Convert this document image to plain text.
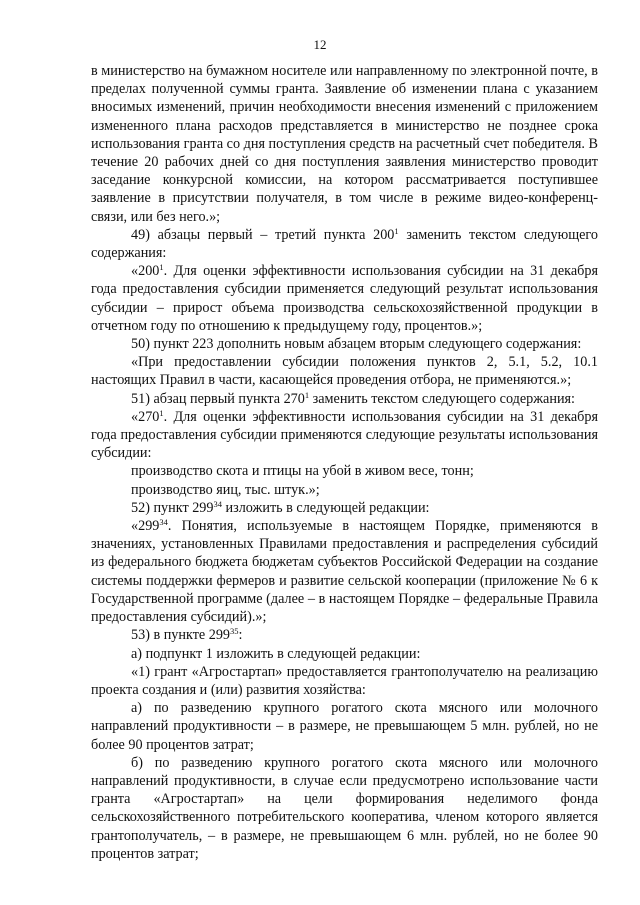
12

в министерство на бумажном носителе или направленному по электронной почте, в пределах полученной суммы гранта. Заявление об изменении плана с указанием вносимых изменений, причин необходимости внесения изменений с приложением измененного плана расходов представляется в министерство не позднее срока использования гранта со дня поступления средств на расчетный счет победителя. В течение 20 рабочих дней со дня поступления заявления министерство проводит заседание конкурсной комиссии, на котором рассматривается поступившее заявление в присутствии получателя, в том числе в режиме видео-конференц-связи, или без него.»;

49) абзацы первый – третий пункта $200^1$ заменить текстом следующего содержания:

«$200^1$. Для оценки эффективности использования субсидии на 31 декабря года предоставления субсидии применяется следующий результат использования субсидии – прирост объема производства сельскохозяйственной продукции в отчетном году по отношению к предыдущему году, процентов.»;

50) пункт 223 дополнить новым абзацем вторым следующего содержания:

«При предоставлении субсидии положения пунктов 2, 5.1, 5.2, 10.1 настоящих Правил в части, касающейся проведения отбора, не применяются.»;

51) абзац первый пункта $270^1$ заменить текстом следующего содержания:

«$270^1$. Для оценки эффективности использования субсидии на 31 декабря года предоставления субсидии применяются следующие результаты использования субсидии:

производство скота и птицы на убой в живом весе, тонн;

производство яиц, тыс. штук.»;

52) пункт $299^{34}$ изложить в следующей редакции:

«$299^{34}$. Понятия, используемые в настоящем Порядке, применяются в значениях, установленных Правилами предоставления и распределения субсидий из федерального бюджета бюджетам субъектов Российской Федерации на создание системы поддержки фермеров и развитие сельской кооперации (приложение № 6 к Государственной программе (далее – в настоящем Порядке – федеральные Правила предоставления субсидий).»;

53) в пункте $299^{35}$:

а) подпункт 1 изложить в следующей редакции:

«1) грант «Агростартап» предоставляется грантополучателю на реализацию проекта создания и (или) развития хозяйства:

а) по разведению крупного рогатого скота мясного или молочного направлений продуктивности – в размере, не превышающем 5 млн. рублей, но не более 90 процентов затрат;

б) по разведению крупного рогатого скота мясного или молочного направлений продуктивности, в случае если предусмотрено использование части гранта «Агростартап» на цели формирования неделимого фонда сельскохозяйственного потребительского кооператива, членом которого является грантополучатель, – в размере, не превышающем 6 млн. рублей, но не более 90 процентов затрат;
